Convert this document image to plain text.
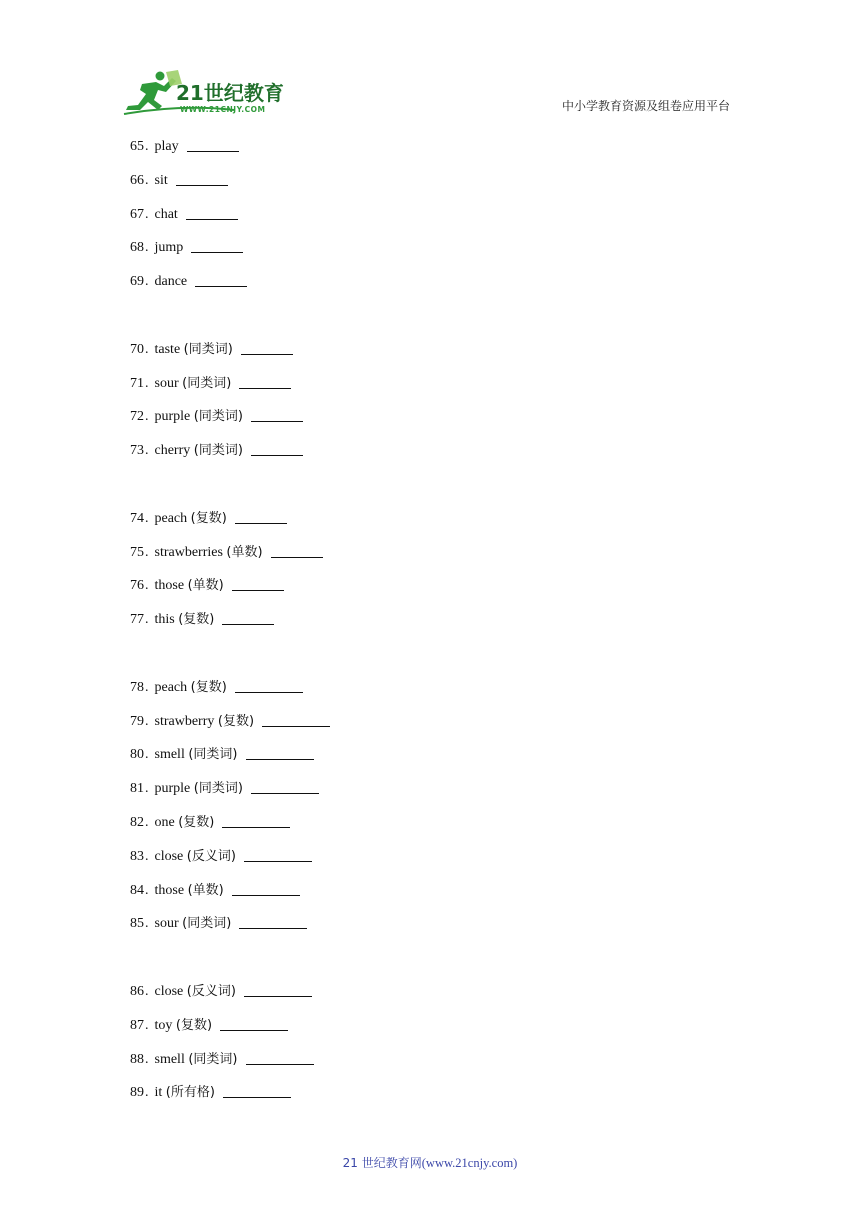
21世纪教育
WWW.21CNJY.COM	中小学教育资源及组卷应用平台
65. play
66. sit
67. chat
68. jump
69. dance
70. taste (同类词)
71. sour (同类词)
72. purple (同类词)
73. cherry (同类词)
74. peach (复数)
75. strawberries (单数)
76. those (单数)
77. this (复数)
78. peach (复数)
79. strawberry (复数)
80. smell (同类词)
81. purple (同类词)
82. one (复数)
83. close (反义词)
84. those (单数)
85. sour (同类词)
86. close (反义词)
87. toy (复数)
88. smell (同类词)
89. it (所有格)
21 世纪教育网(www.21cnjy.com)
